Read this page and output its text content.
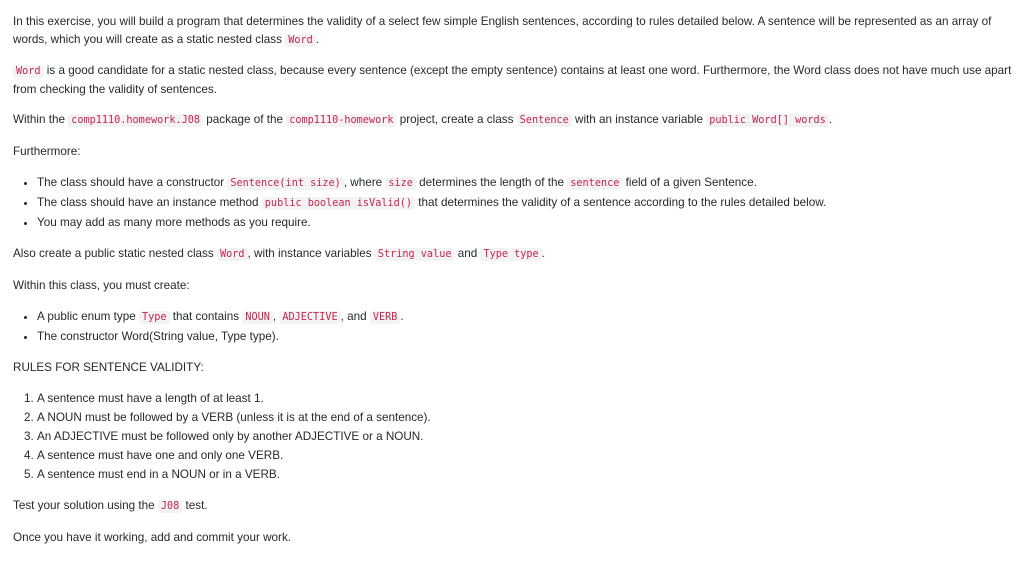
In this exercise, you will build a program that determines the validity of a select few simple English sentences, according to rules detailed below. A sentence will be represented as an array of words, which you will create as a static nested class Word .

Word is a good candidate for a static nested class, because every sentence (except the empty sentence) contains at least one word. Furthermore, the Word class does not have much use apart from checking the validity of sentences.

Within the comp1110.homework.J08 package of the comp1110-homework project, create a class Sentence with an instance variable public Word[] words .

Furthermore:

• The class should have a constructor Sentence(int size) , where size determines the length of the sentence field of a given Sentence.
• The class should have an instance method public boolean isValid() that determines the validity of a sentence according to the rules detailed below.
• You may add as many more methods as you require.

Also create a public static nested class Word , with instance variables String value and Type type .

Within this class, you must create:

• A public enum type Type that contains NOUN , ADJECTIVE , and VERB .
• The constructor Word(String value, Type type).

RULES FOR SENTENCE VALIDITY:

1. A sentence must have a length of at least 1.
2. A NOUN must be followed by a VERB (unless it is at the end of a sentence).
3. An ADJECTIVE must be followed only by another ADJECTIVE or a NOUN.
4. A sentence must have one and only one VERB.
5. A sentence must end in a NOUN or in a VERB.

Test your solution using the J08 test.

Once you have it working, add and commit your work.
